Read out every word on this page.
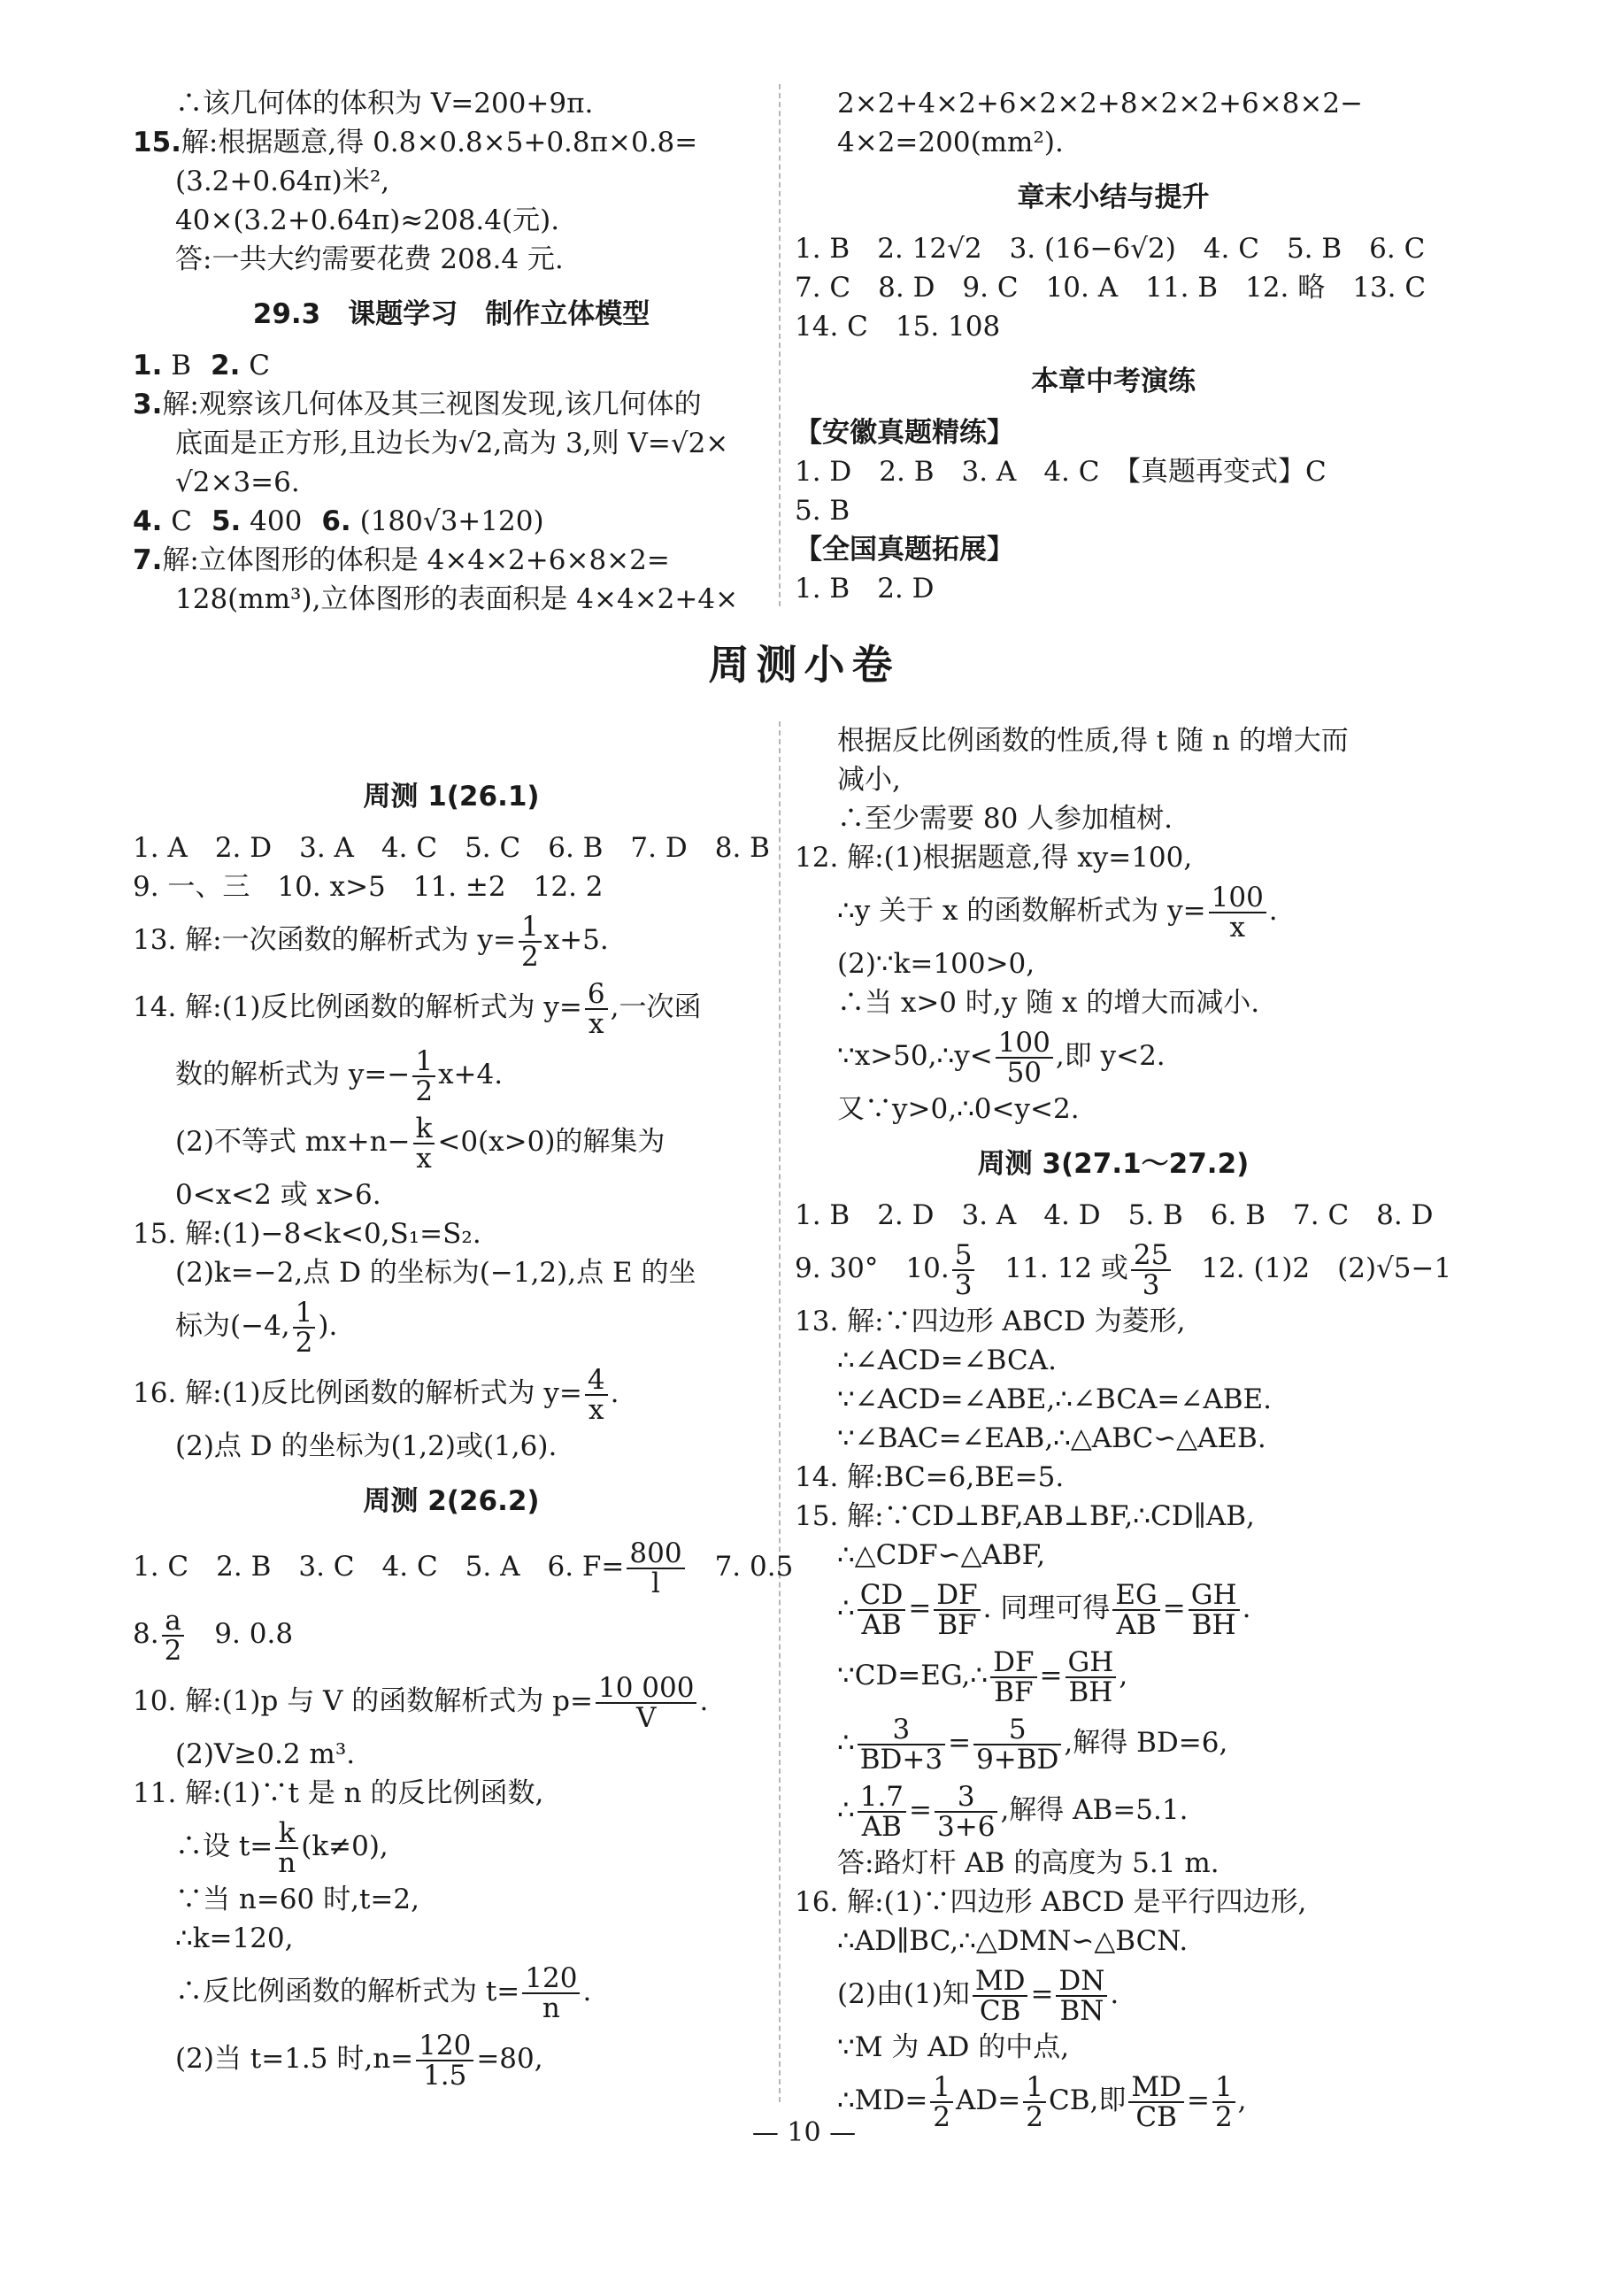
∴该几何体的体积为 V=200+9π.
15.解:根据题意,得 0.8×0.8×5+0.8π×0.8=
(3.2+0.64π)米²,
40×(3.2+0.64π)≈208.4(元).
答:一共大约需要花费 208.4 元.
29.3　课题学习　制作立体模型
1. B 2. C
3.解:观察该几何体及其三视图发现,该几何体的
底面是正方形,且边长为√2,高为 3,则 V=√2×
√2×3=6.
4. C 5. 400 6. (180√3+120)
7.解:立体图形的体积是 4×4×2+6×8×2=
128(mm³),立体图形的表面积是 4×4×2+4×
2×2+4×2+6×2×2+8×2×2+6×8×2−
4×2=200(mm²).
章末小结与提升
1. B　2. 12√2　3. (16−6√2)　4. C　5. B　6. C
7. C　8. D　9. C　10. A　11. B　12. 略　13. C
14. C　15. 108
本章中考演练
【安徽真题精练】
1. D　2. B　3. A　4. C　【真题再变式】C
5. B
【全国真题拓展】
1. B　2. D
周测小卷
周测 1(26.1)
1. A　2. D　3. A　4. C　5. C　6. B　7. D　8. B
9. 一、三　10. x>5　11. ±2　12. 2
13. 解:一次函数的解析式为 $y= \frac{1}{2} x+5$.
14. 解:(1)反比例函数的解析式为 $y= \frac{6}{x}$ ,一次函
数的解析式为 $y=- \frac{1}{2} x+4$.
(2)不等式 $mx+n- \frac{k}{x} <0(x>0)$的解集为
0<x<2 或 x>6.
15. 解:(1)−8<k<0,S₁=S₂.
(2)k=−2,点 D 的坐标为(−1,2),点 E 的坐
标为(−4, $\frac{1}{2}$ ).
16. 解:(1)反比例函数的解析式为 $y= \frac{4}{x}$ .
(2)点 D 的坐标为(1,2)或(1,6).
周测 2(26.2)
1. C　2. B　3. C　4. C　5. A　6. $F= \frac{800}{l}$ 　7. 0.5
8. $\frac{a}{2}$ 　9. 0.8
10. 解:(1)p 与 V 的函数解析式为 $p= \frac{10 000}{V}$ .
(2)V≥0.2 m³.
11. 解:(1)∵t 是 n 的反比例函数,
∴设 $t= \frac{k}{n} (k\ne 0)$,
∵当 n=60 时,t=2,
∴k=120,
∴反比例函数的解析式为 $t= \frac{120}{n}$ .
(2)当 t=1.5 时$,n= \frac{120}{1.5} =80$,
根据反比例函数的性质,得 t 随 n 的增大而
减小,
∴至少需要 80 人参加植树.
12. 解:(1)根据题意,得 xy=100,
∴y 关于 x 的函数解析式为 $y= \frac{100}{x}$ .
(2)∵k=100>0,
∴当 x>0 时,y 随 x 的增大而减小.
∵x>50,∴y< $\frac{100}{50}$ ,即 y<2.
又∵y>0,∴0<y<2.
周测 3(27.1～27.2)
1. B　2. D　3. A　4. D　5. B　6. B　7. C　8. D
9. 30°　10. $\frac{5}{3}$ 　11. 12 或 $\frac{25}{3}$ 　12. (1)2　(2)√5−1
13. 解:∵四边形 ABCD 为菱形,
∴∠ACD=∠BCA.
∵∠ACD=∠ABE,∴∠BCA=∠ABE.
∵∠BAC=∠EAB,∴△ABC∽△AEB.
14. 解:BC=6,BE=5.
15. 解:∵CD⊥BF,AB⊥BF,∴CD∥AB,
∴△CDF∽△ABF,
∴ $\frac{CD}{AB} = \frac{DF}{BF}$ . 同理可得 $\frac{EG}{AB} = \frac{GH}{BH}$ .
∵CD=EG,∴ $\frac{DF}{BF} = \frac{GH}{BH}$ ,
∴ $\frac{3}{BD+3} = \frac{5}{9+BD}$ ,解得 BD=6,
∴ $\frac{1.7}{AB} = \frac{3}{3+6}$ ,解得 AB=5.1.
答:路灯杆 AB 的高度为 5.1 m.
16. 解:(1)∵四边形 ABCD 是平行四边形,
∴AD∥BC,∴△DMN∽△BCN.
(2)由(1)知 $\frac{MD}{CB} = \frac{DN}{BN}$ .
∵M 为 AD 的中点,
∴MD= $\frac{1}{2} AD= \frac{1}{2}$ CB,即 $\frac{MD}{CB} = \frac{1}{2}$ ,
— 10 —
